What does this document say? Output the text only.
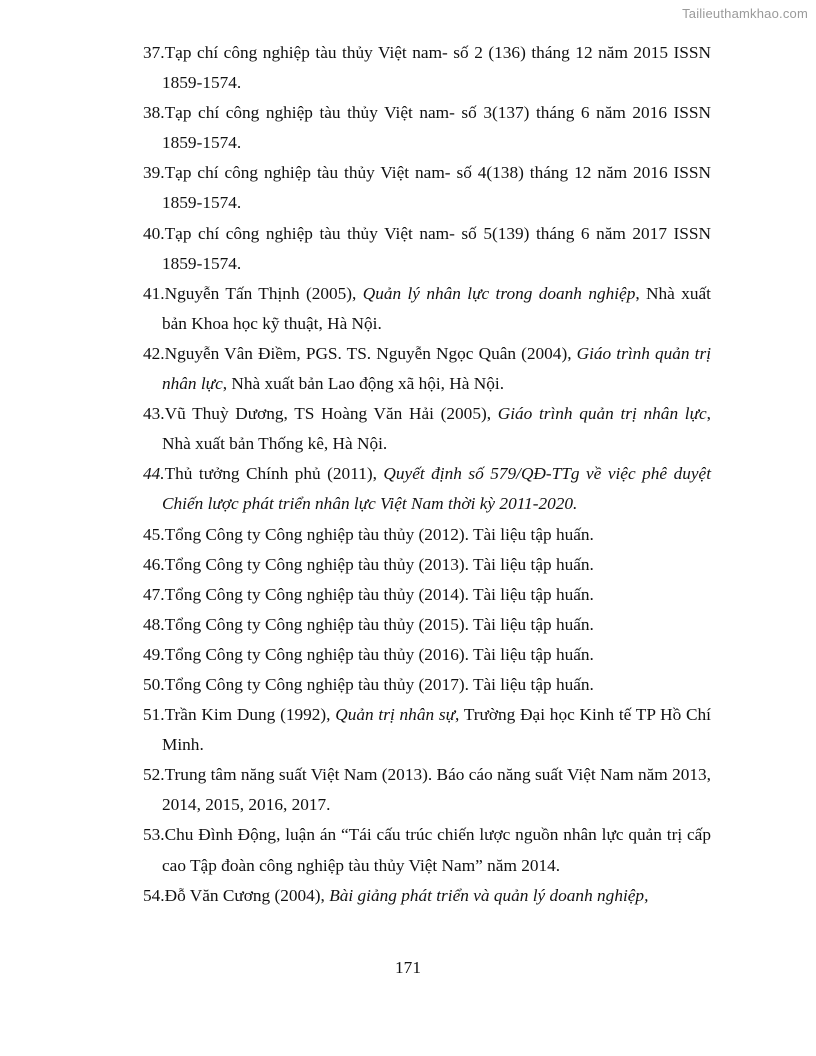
Tailieuthamkhao.com
37.Tạp chí công nghiệp tàu thủy Việt nam- số 2 (136) tháng 12 năm 2015 ISSN 1859-1574.
38.Tạp chí công nghiệp tàu thủy Việt nam- số 3(137) tháng 6 năm 2016 ISSN 1859-1574.
39.Tạp chí công nghiệp tàu thủy Việt nam- số 4(138) tháng 12 năm 2016 ISSN 1859-1574.
40.Tạp chí công nghiệp tàu thủy Việt nam- số 5(139) tháng 6 năm 2017 ISSN 1859-1574.
41.Nguyễn Tấn Thịnh (2005), Quản lý nhân lực trong doanh nghiệp, Nhà xuất bản Khoa học kỹ thuật, Hà Nội.
42.Nguyễn Vân Điềm, PGS. TS. Nguyễn Ngọc Quân (2004), Giáo trình quản trị nhân lực, Nhà xuất bản Lao động xã hội, Hà Nội.
43.Vũ Thuỳ Dương, TS Hoàng Văn Hải (2005), Giáo trình quản trị nhân lực, Nhà xuất bản Thống kê, Hà Nội.
44.Thủ tưởng Chính phủ (2011), Quyết định số 579/QĐ-TTg về việc phê duyệt Chiến lược phát triển nhân lực Việt Nam thời kỳ 2011-2020.
45.Tổng Công ty Công nghiệp tàu thủy (2012). Tài liệu tập huấn.
46.Tổng Công ty Công nghiệp tàu thủy (2013). Tài liệu tập huấn.
47.Tổng Công ty Công nghiệp tàu thủy (2014). Tài liệu tập huấn.
48.Tổng Công ty Công nghiệp tàu thủy (2015). Tài liệu tập huấn.
49.Tổng Công ty Công nghiệp tàu thủy (2016). Tài liệu tập huấn.
50.Tổng Công ty Công nghiệp tàu thủy (2017). Tài liệu tập huấn.
51.Trần Kim Dung (1992), Quản trị nhân sự, Trường Đại học Kinh tế TP Hồ Chí Minh.
52.Trung tâm năng suất Việt Nam (2013). Báo cáo năng suất Việt Nam năm 2013, 2014, 2015, 2016, 2017.
53.Chu Đình Động, luận án “Tái cấu trúc chiến lược nguồn nhân lực quản trị cấp cao Tập đoàn công nghiệp tàu thủy Việt Nam” năm 2014.
54.Đỗ Văn Cương (2004), Bài giảng phát triển và quản lý doanh nghiệp,
171
